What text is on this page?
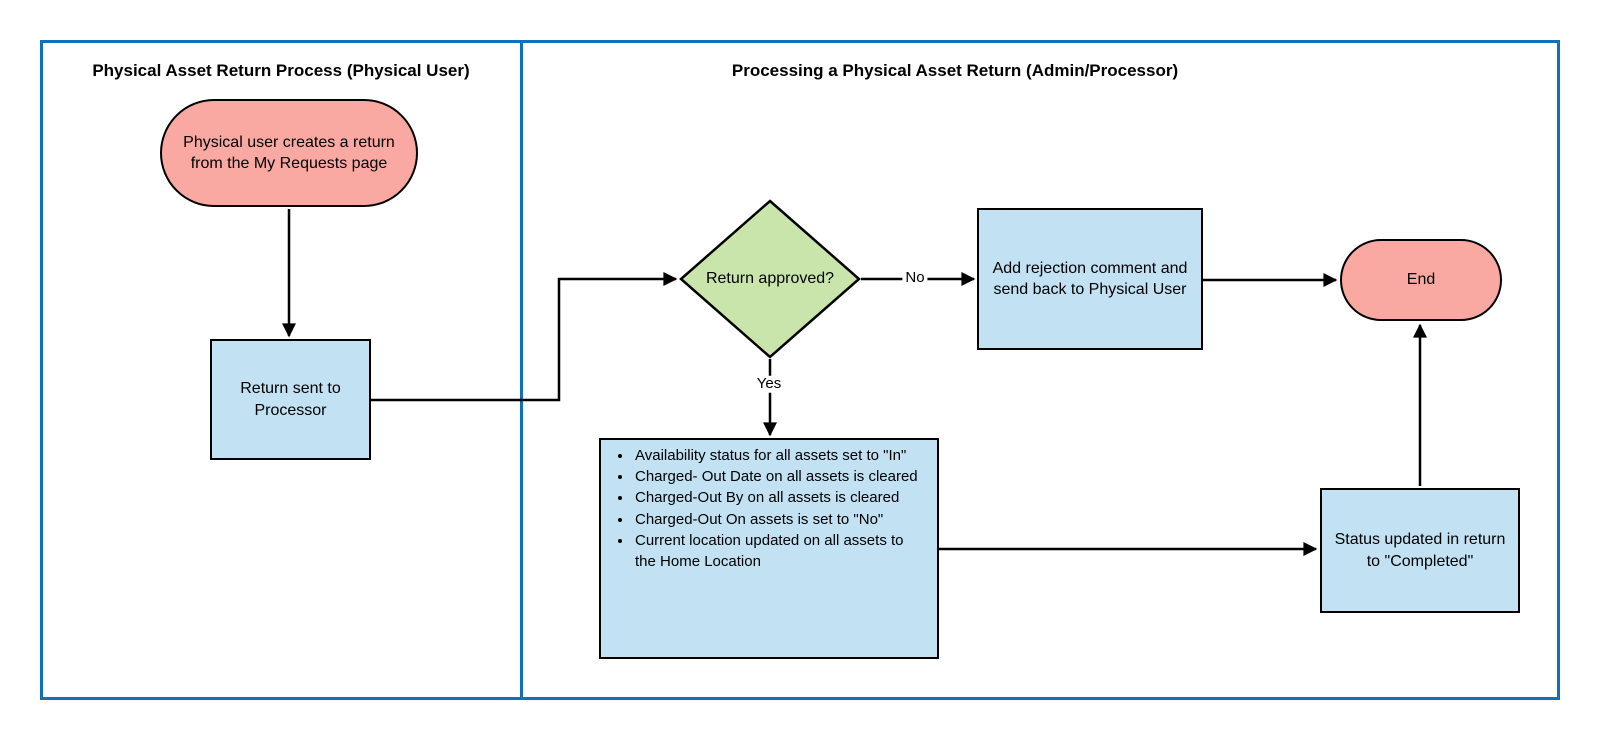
Physical Asset Return Process (Physical User)	Processing a Physical Asset Return (Admin/Processor)
Physical user creates a return from the My Requests page
Return sent to Processor
Return approved?	No
Yes
Add rejection comment and send back to Physical User
End
• Availability status for all assets set to "In"
• Charged- Out Date on all assets is cleared
• Charged-Out By on all assets is cleared
• Charged-Out On assets is set to "No"
• Current location updated on all assets to the Home Location
Status updated in return to "Completed"
